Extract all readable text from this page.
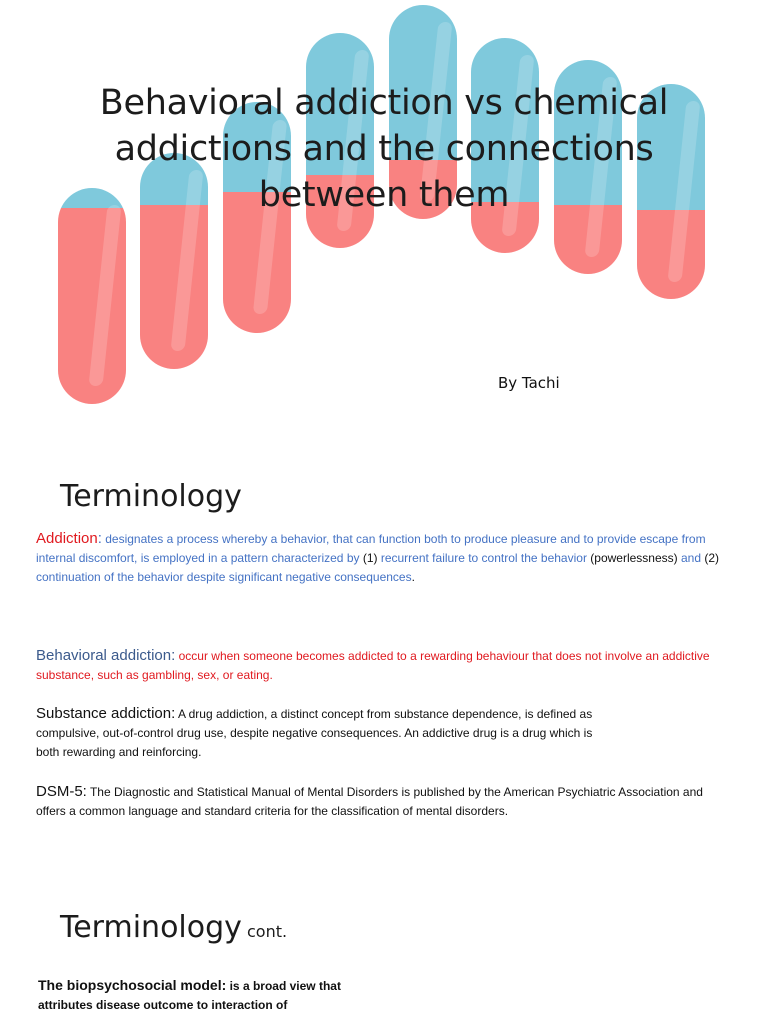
Behavioral addiction vs chemical addictions and the connections between them
By Tachi
Terminology
Addiction: designates a process whereby a behavior, that can function both to produce pleasure and to provide escape from internal discomfort, is employed in a pattern characterized by (1) recurrent failure to control the behavior (powerlessness) and (2) continuation of the behavior despite significant negative consequences.
Behavioral addiction: occur when someone becomes addicted to a rewarding behaviour that does not involve an addictive substance, such as gambling, sex, or eating.
Substance addiction: A drug addiction, a distinct concept from substance dependence, is defined as
compulsive, out-of-control drug use, despite negative consequences. An addictive drug is a drug which is
both rewarding and reinforcing.
DSM-5: The Diagnostic and Statistical Manual of Mental Disorders is published by the American Psychiatric Association and offers a common language and standard criteria for the classification of mental disorders.
Terminology cont.
The biopsychosocial model: is a broad view that
attributes disease outcome to interaction of
